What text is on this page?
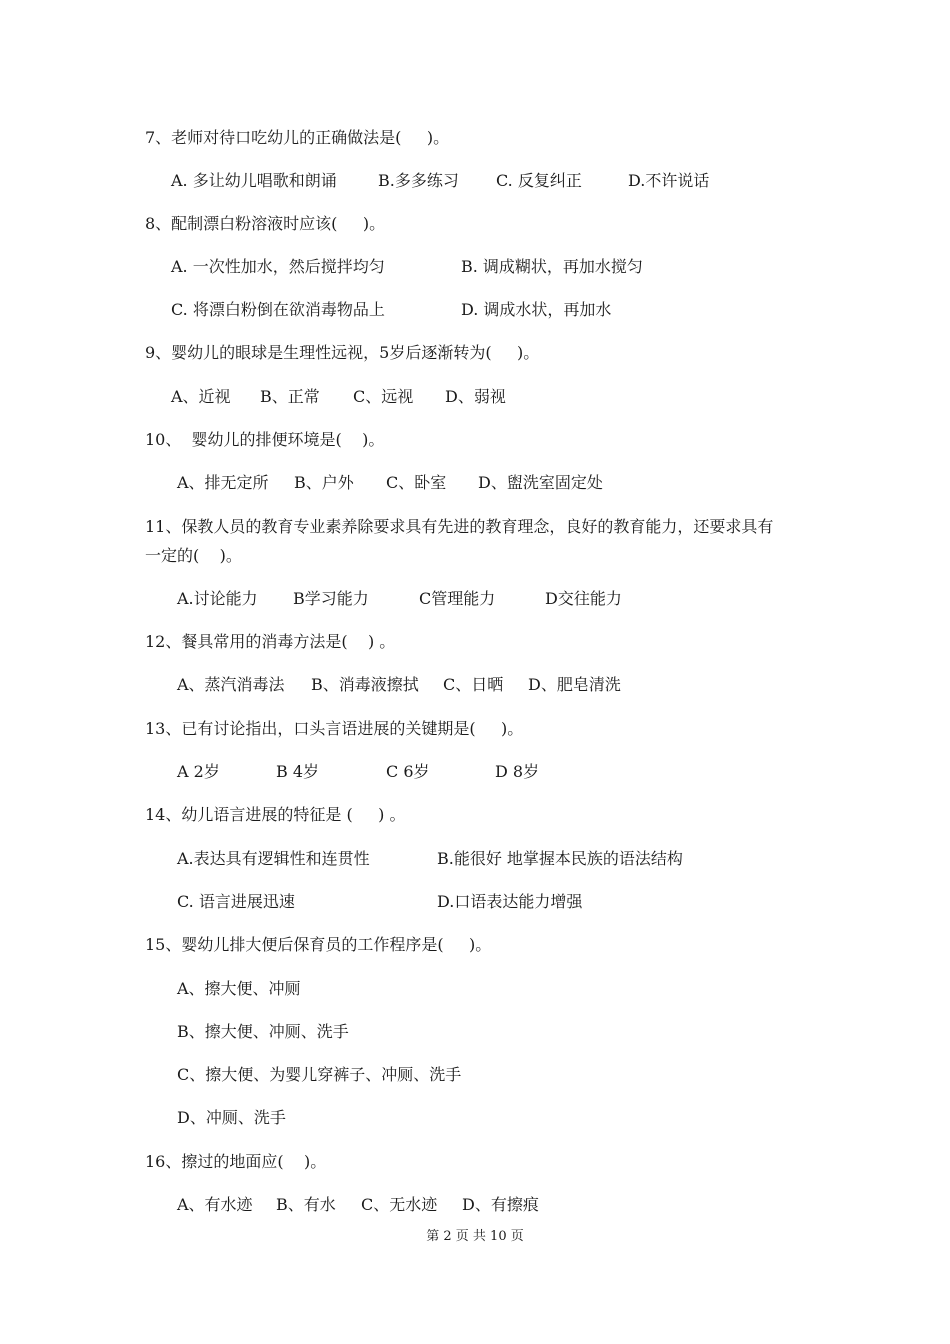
7、老师对待口吃幼儿的正确做法是(     )。

A. 多让幼儿唱歌和朗诵

	B.多多练习

C. 反复纠正

	D.不许说话

8、配制漂白粉溶液时应该(     )。

A. 一次性加水，然后搅拌均匀

	B. 调成糊状，再加水搅匀

C. 将漂白粉倒在欲消毒物品上

	D. 调成水状，再加水

9、婴幼儿的眼球是生理性远视，5岁后逐渐转为(     )。

A、近视

B、正常

C、远视

D、弱视

10、  婴幼儿的排便环境是(    )。

A、排无定所

B、户外

C、卧室

D、盥洗室固定处

11、保教人员的教育专业素养除要求具有先进的教育理念，良好的教育能力，还要求具有
一定的(    )。

A.讨论能力

B学习能力

	C管理能力

	D交往能力

12、餐具常用的消毒方法是(    ) 。

A、蒸汽消毒法

B、消毒液擦拭

C、日晒

D、肥皂清洗

13、已有讨论指出，口头言语进展的关键期是(     )。

A 2岁

	B 4岁

	C 6岁

	D 8岁

14、幼儿语言进展的特征是 (     ) 。

A.表达具有逻辑性和连贯性

	B.能很好 地掌握本民族的语法结构

C. 语言进展迅速

	D.口语表达能力增强

15、婴幼儿排大便后保育员的工作程序是(     )。
A、擦大便、冲厕
B、擦大便、冲厕、洗手
C、擦大便、为婴儿穿裤子、冲厕、洗手
D、冲厕、洗手
16、擦过的地面应(    )。

A、有水迹

B、有水

C、无水迹

D、有擦痕

第 2 页 共 10 页
